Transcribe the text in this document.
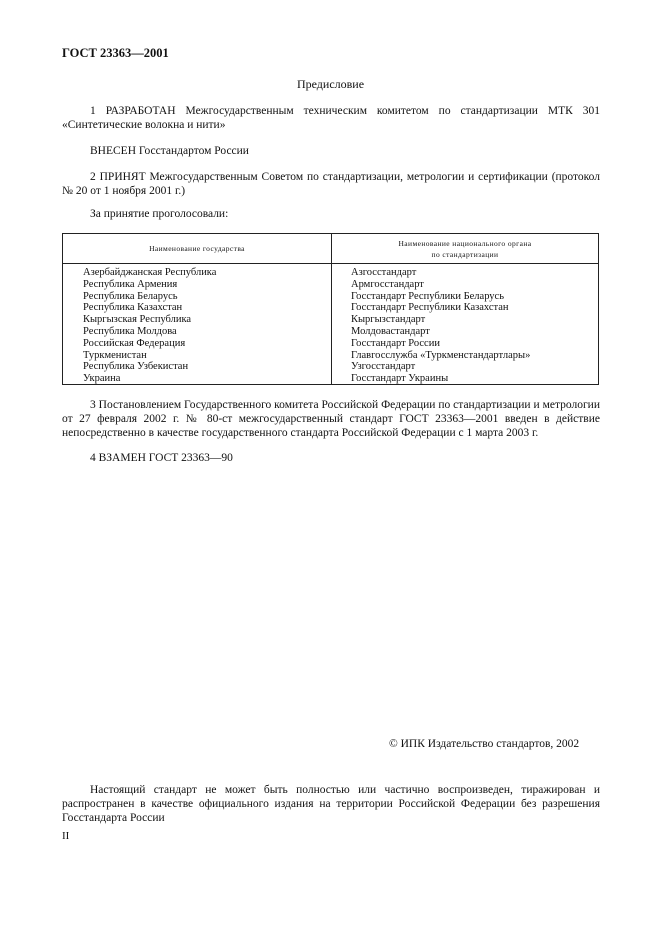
ГОСТ 23363—2001
Предисловие
1 РАЗРАБОТАН Межгосударственным техническим комитетом по стандартизации МТК 301 «Синтетические волокна и нити»
ВНЕСЕН Госстандартом России
2 ПРИНЯТ Межгосударственным Советом по стандартизации, метрологии и сертификации (протокол № 20 от 1 ноября 2001 г.)
За принятие проголосовали:
Наименование государства
Наименование национального органа
по стандартизации
Азербайджанская Республика
Республика Армения
Республика Беларусь
Республика Казахстан
Кыргызская Республика
Республика Молдова
Российская Федерация
Туркменистан
Республика Узбекистан
Украина
Азгосстандарт
Армгосстандарт
Госстандарт Республики Беларусь
Госстандарт Республики Казахстан
Кыргызстандарт
Молдовастандарт
Госстандарт России
Главгосслужба «Туркменстандартлары»
Узгосстандарт
Госстандарт Украины
3 Постановлением Государственного комитета Российской Федерации по стандартизации и метрологии от 27 февраля 2002 г. № 80-ст межгосударственный стандарт ГОСТ 23363—2001 введен в действие непосредственно в качестве государственного стандарта Российской Федерации с 1 марта 2003 г.
4 ВЗАМЕН ГОСТ 23363—90
© ИПК Издательство стандартов, 2002
Настоящий стандарт не может быть полностью или частично воспроизведен, тиражирован и распространен в качестве официального издания на территории Российской Федерации без разрешения Госстандарта России
II
